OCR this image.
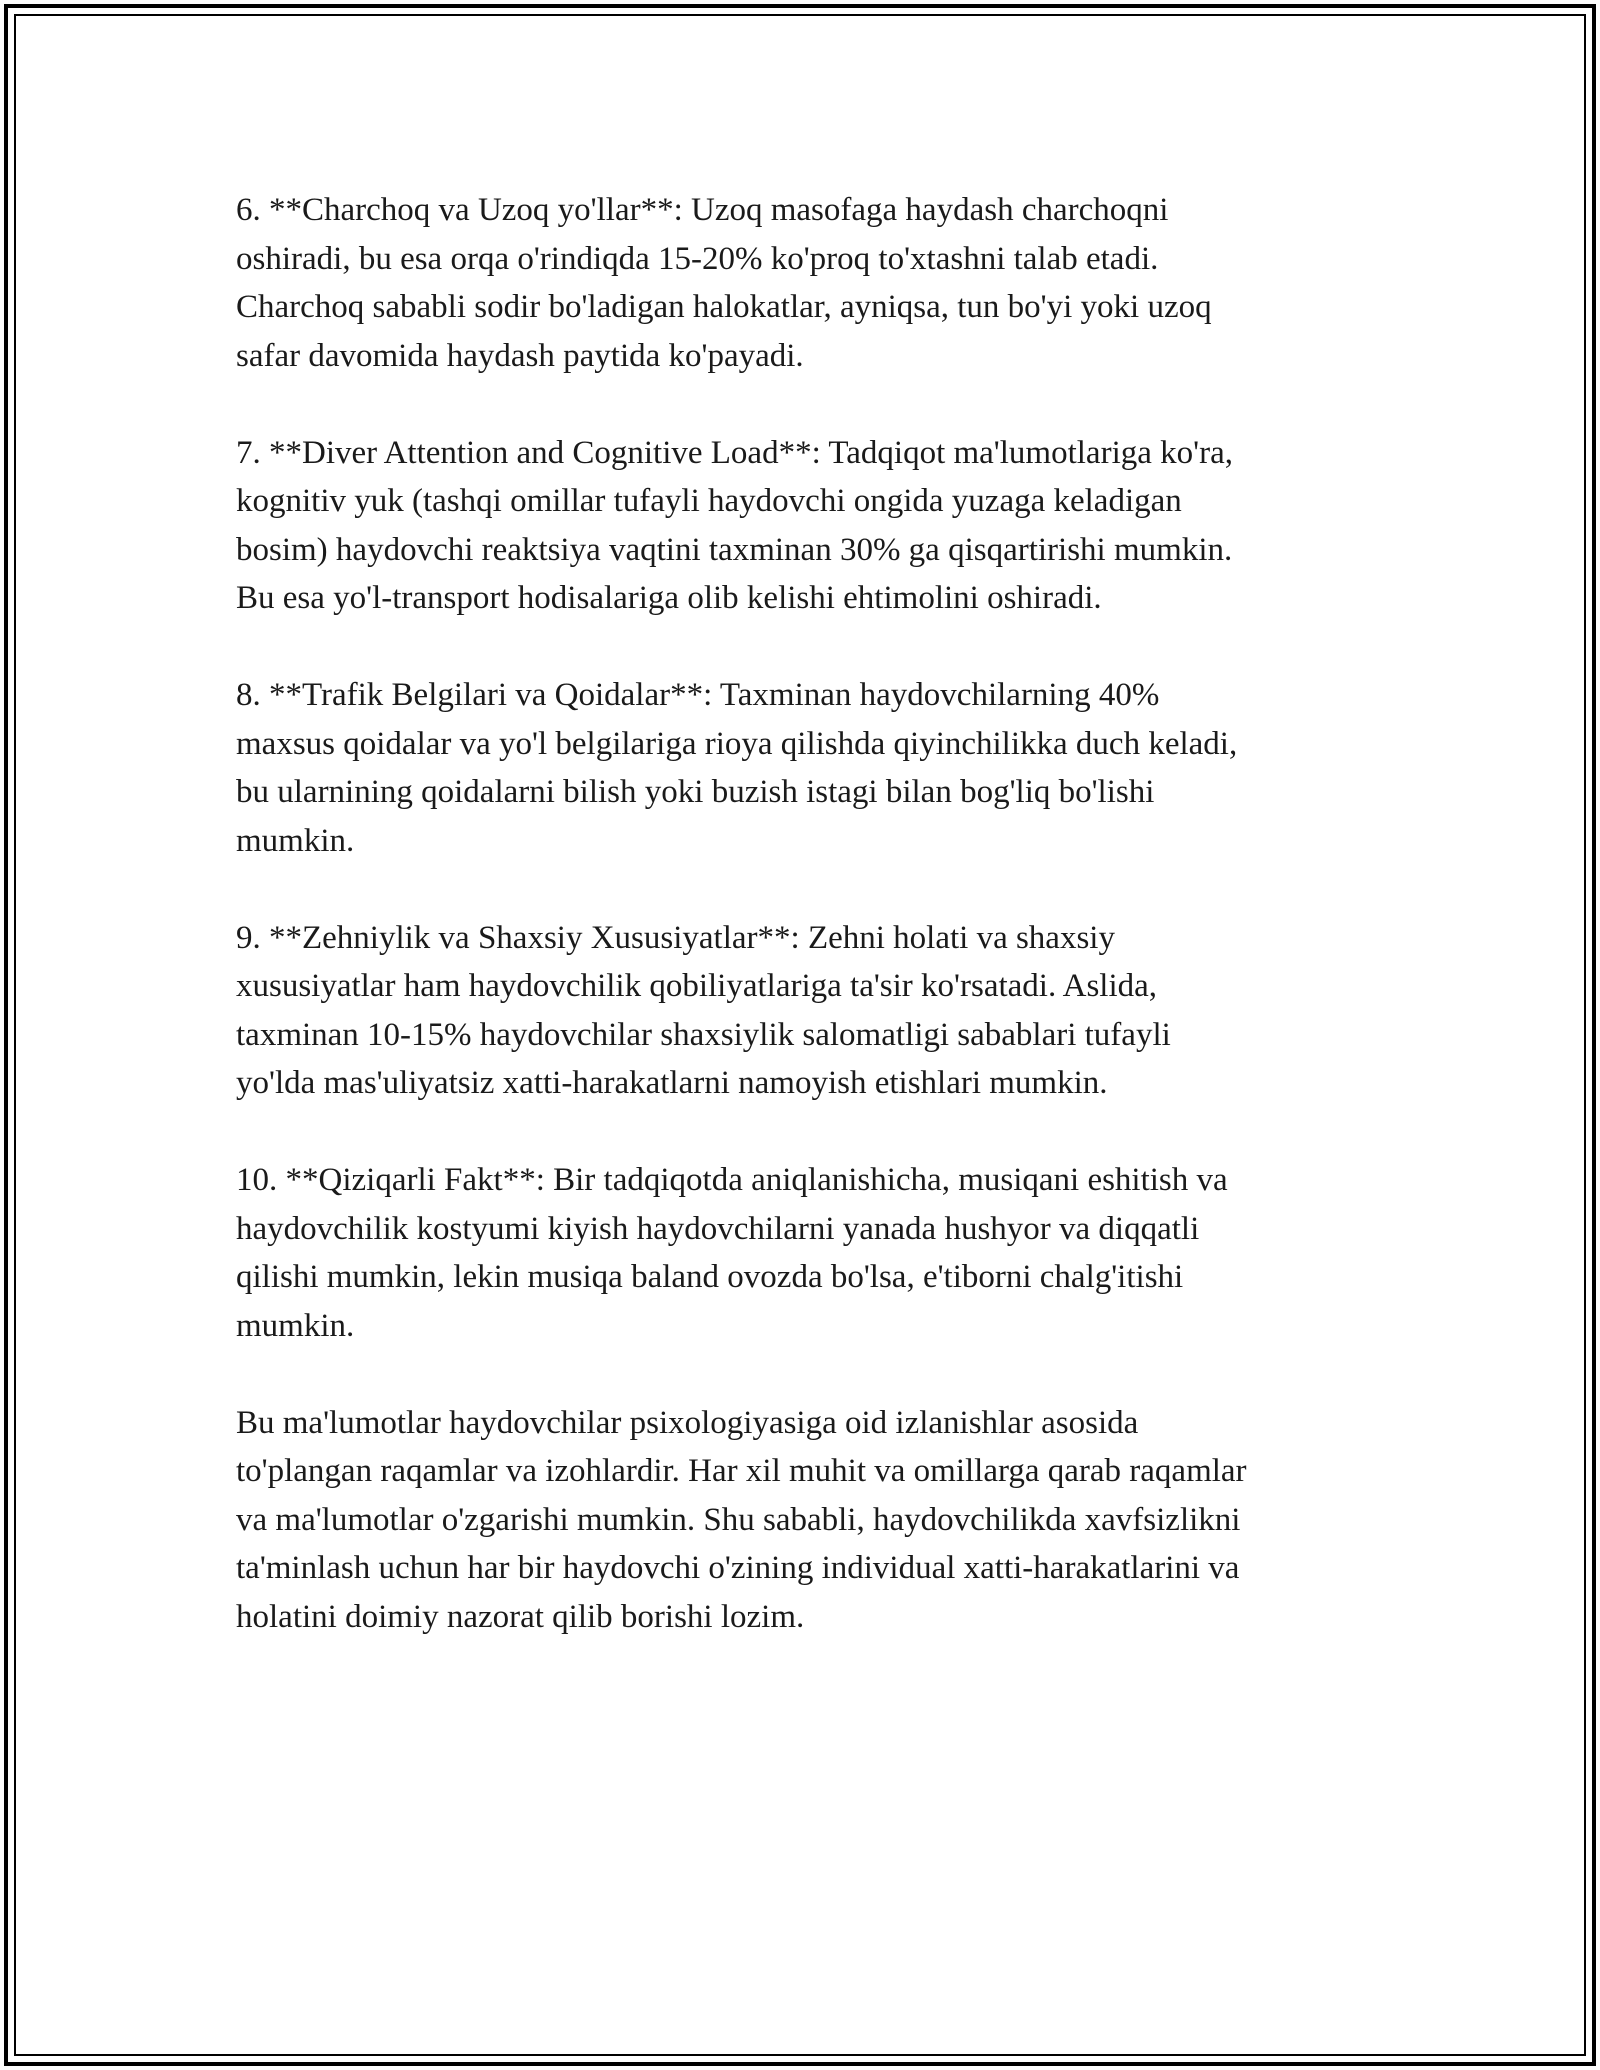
6. **Charchoq va Uzoq yo'llar**: Uzoq masofaga haydash charchoqni
oshiradi, bu esa orqa o'rindiqda 15-20% ko'proq to'xtashni talab etadi.
Charchoq sababli sodir bo'ladigan halokatlar, ayniqsa, tun bo'yi yoki uzoq
safar davomida haydash paytida ko'payadi.

7. **Diver Attention and Cognitive Load**: Tadqiqot ma'lumotlariga ko'ra,
kognitiv yuk (tashqi omillar tufayli haydovchi ongida yuzaga keladigan
bosim) haydovchi reaktsiya vaqtini taxminan 30% ga qisqartirishi mumkin.
Bu esa yo'l-transport hodisalariga olib kelishi ehtimolini oshiradi.

8. **Trafik Belgilari va Qoidalar**: Taxminan haydovchilarning 40%
maxsus qoidalar va yo'l belgilariga rioya qilishda qiyinchilikka duch keladi,
bu ularnining qoidalarni bilish yoki buzish istagi bilan bog'liq bo'lishi
mumkin.

9. **Zehniylik va Shaxsiy Xususiyatlar**: Zehni holati va shaxsiy
xususiyatlar ham haydovchilik qobiliyatlariga ta'sir ko'rsatadi. Aslida,
taxminan 10-15% haydovchilar shaxsiylik salomatligi sabablari tufayli
yo'lda mas'uliyatsiz xatti-harakatlarni namoyish etishlari mumkin.

10. **Qiziqarli Fakt**: Bir tadqiqotda aniqlanishicha, musiqani eshitish va
haydovchilik kostyumi kiyish haydovchilarni yanada hushyor va diqqatli
qilishi mumkin, lekin musiqa baland ovozda bo'lsa, e'tiborni chalg'itishi
mumkin.

Bu ma'lumotlar haydovchilar psixologiyasiga oid izlanishlar asosida
to'plangan raqamlar va izohlardir. Har xil muhit va omillarga qarab raqamlar
va ma'lumotlar o'zgarishi mumkin. Shu sababli, haydovchilikda xavfsizlikni
ta'minlash uchun har bir haydovchi o'zining individual xatti-harakatlarini va
holatini doimiy nazorat qilib borishi lozim.
